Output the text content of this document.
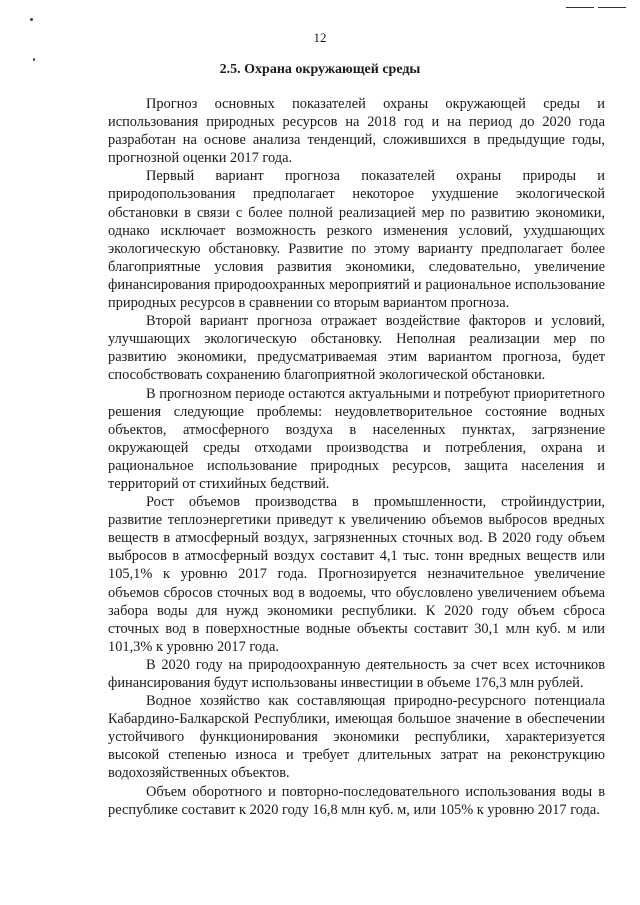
12
2.5. Охрана окружающей среды

Прогноз основных показателей охраны окружающей среды и использования природных ресурсов на 2018 год и на период до 2020 года разработан на основе анализа тенденций, сложившихся в предыдущие годы, прогнозной оценки 2017 года.

Первый вариант прогноза показателей охраны природы и природопользования предполагает некоторое ухудшение экологической обстановки в связи с более полной реализацией мер по развитию экономики, однако исключает возможность резкого изменения условий, ухудшающих экологическую обстановку. Развитие по этому варианту предполагает более благоприятные условия развития экономики, следовательно, увеличение финансирования природоохранных мероприятий и рациональное использование природных ресурсов в сравнении со вторым вариантом прогноза.

Второй вариант прогноза отражает воздействие факторов и условий, улучшающих экологическую обстановку. Неполная реализации мер по развитию экономики, предусматриваемая этим вариантом прогноза, будет способствовать сохранению благоприятной экологической обстановки.

В прогнозном периоде остаются актуальными и потребуют приоритетного решения следующие проблемы: неудовлетворительное состояние водных объектов, атмосферного воздуха в населенных пунктах, загрязнение окружающей среды отходами производства и потребления, охрана и рациональное использование природных ресурсов, защита населения и территорий от стихийных бедствий.

Рост объемов производства в промышленности, стройиндустрии, развитие теплоэнергетики приведут к увеличению объемов выбросов вредных веществ в атмосферный воздух, загрязненных сточных вод. В 2020 году объем выбросов в атмосферный воздух составит 4,1 тыс. тонн вредных веществ или 105,1% к уровню 2017 года. Прогнозируется незначительное увеличение объемов сбросов сточных вод в водоемы, что обусловлено увеличением объема забора воды для нужд экономики республики. К 2020 году объем сброса сточных вод в поверхностные водные объекты составит 30,1 млн куб. м или 101,3% к уровню 2017 года.

В 2020 году на природоохранную деятельность за счет всех источников финансирования будут использованы инвестиции в объеме 176,3 млн рублей.

Водное хозяйство как составляющая природно-ресурсного потенциала Кабардино-Балкарской Республики, имеющая большое значение в обеспечении устойчивого функционирования экономики республики, характеризуется высокой степенью износа и требует длительных затрат на реконструкцию водохозяйственных объектов.

Объем оборотного и повторно-последовательного использования воды в республике составит к 2020 году 16,8 млн куб. м, или 105% к уровню 2017 года.
